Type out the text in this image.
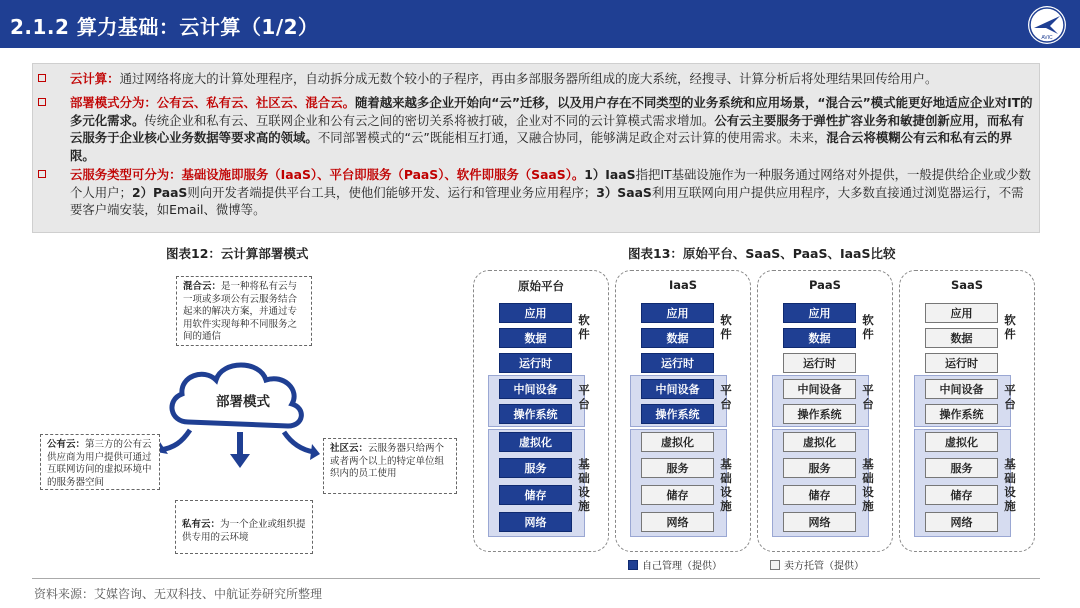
2.1.2 算力基础：云计算（1/2）	AVIC
云计算：通过网络将庞大的计算处理程序，自动拆分成无数个较小的子程序，再由多部服务器所组成的庞大系统，经搜寻、计算分析后将处理结果回传给用户。
部署模式分为：公有云、私有云、社区云、混合云。随着越来越多企业开始向“云”迁移，以及用户存在不同类型的业务系统和应用场景，“混合云”模式能更好地适应企业对IT的多元化需求。传统企业和私有云、互联网企业和公有云之间的密切关系将被打破，企业对不同的云计算模式需求增加。公有云主要服务于弹性扩容业务和敏捷创新应用，而私有云服务于企业核心业务数据等要求高的领域。不同部署模式的“云”既能相互打通，又融合协同，能够满足政企对云计算的使用需求。未来，混合云将模糊公有云和私有云的界限。
云服务类型可分为：基础设施即服务（IaaS）、平台即服务（PaaS）、软件即服务（SaaS）。1）IaaS指把IT基础设施作为一种服务通过网络对外提供，一般提供给企业或少数个人用户；2）PaaS则向开发者端提供平台工具，使他们能够开发、运行和管理业务应用程序；3）SaaS利用互联网向用户提供应用程序，大多数直接通过浏览器运行，不需要客户端安装，如Email、微博等。
图表12：云计算部署模式
混合云：是一种将私有云与一项或多项公有云服务结合起来的解决方案，并通过专用软件实现每种不同服务之间的通信
部署模式
公有云：第三方的公有云供应商为用户提供可通过互联网访问的虚拟环境中的服务器空间
社区云：云服务器只给两个或者两个以上的特定单位组织内的员工使用
私有云：为一个企业或组织提供专用的云环境
图表13：原始平台、SaaS、PaaS、IaaS比较
原始平台
应用
数据
运行时
中间设备
操作系统
虚拟化
服务
储存
网络
软件
平台
基础设施
IaaS
应用
数据
运行时
中间设备
操作系统
虚拟化
服务
储存
网络
软件
平台
基础设施
PaaS
应用
数据
运行时
中间设备
操作系统
虚拟化
服务
储存
网络
软件
平台
基础设施
SaaS
应用
数据
运行时
中间设备
操作系统
虚拟化
服务
储存
网络
软件
平台
基础设施
自己管理（提供）	卖方托管（提供）
资料来源：艾媒咨询、无双科技、中航证券研究所整理
